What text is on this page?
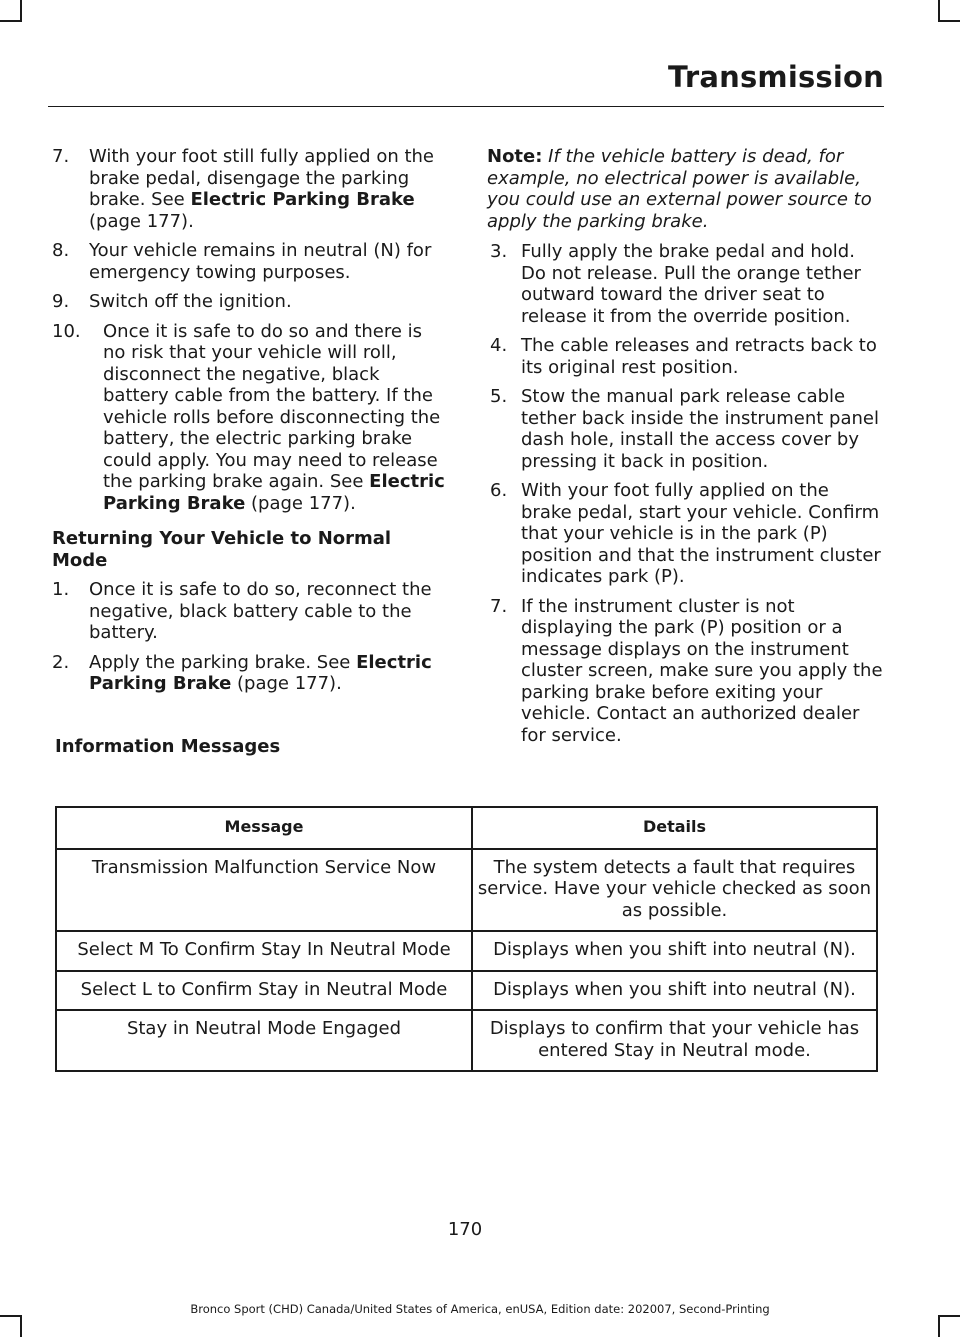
Transmission
7.	With your foot still fully applied on the brake pedal, disengage the parking brake. See Electric Parking Brake (page 177).
8.	Your vehicle remains in neutral (N) for emergency towing purposes.
9.	Switch off the ignition.
10.	Once it is safe to do so and there is no risk that your vehicle will roll, disconnect the negative, black battery cable from the battery. If the vehicle rolls before disconnecting the battery, the electric parking brake could apply. You may need to release the parking brake again. See Electric Parking Brake (page 177).
Returning Your Vehicle to Normal Mode
1.	Once it is safe to do so, reconnect the negative, black battery cable to the battery.
2.	Apply the parking brake. See Electric Parking Brake (page 177).
Note: If the vehicle battery is dead, for example, no electrical power is available, you could use an external power source to apply the parking brake.
3. Fully apply the brake pedal and hold. Do not release. Pull the orange tether outward toward the driver seat to release it from the override position.
4. The cable releases and retracts back to its original rest position.
5. Stow the manual park release cable tether back inside the instrument panel dash hole, install the access cover by pressing it back in position.
6. With your foot fully applied on the brake pedal, start your vehicle. Confirm that your vehicle is in the park (P) position and that the instrument cluster indicates park (P).
7. If the instrument cluster is not displaying the park (P) position or a message displays on the instrument cluster screen, make sure you apply the parking brake before exiting your vehicle. Contact an authorized dealer for service.
Information Messages
Message	Details
Transmission Malfunction Service Now	The system detects a fault that requires service. Have your vehicle checked as soon as possible.
Select M To Confirm Stay In Neutral Mode	Displays when you shift into neutral (N).
Select L to Confirm Stay in Neutral Mode	Displays when you shift into neutral (N).
Stay in Neutral Mode Engaged	Displays to confirm that your vehicle has entered Stay in Neutral mode.
170
Bronco Sport (CHD) Canada/United States of America, enUSA, Edition date: 202007, Second-Printing
